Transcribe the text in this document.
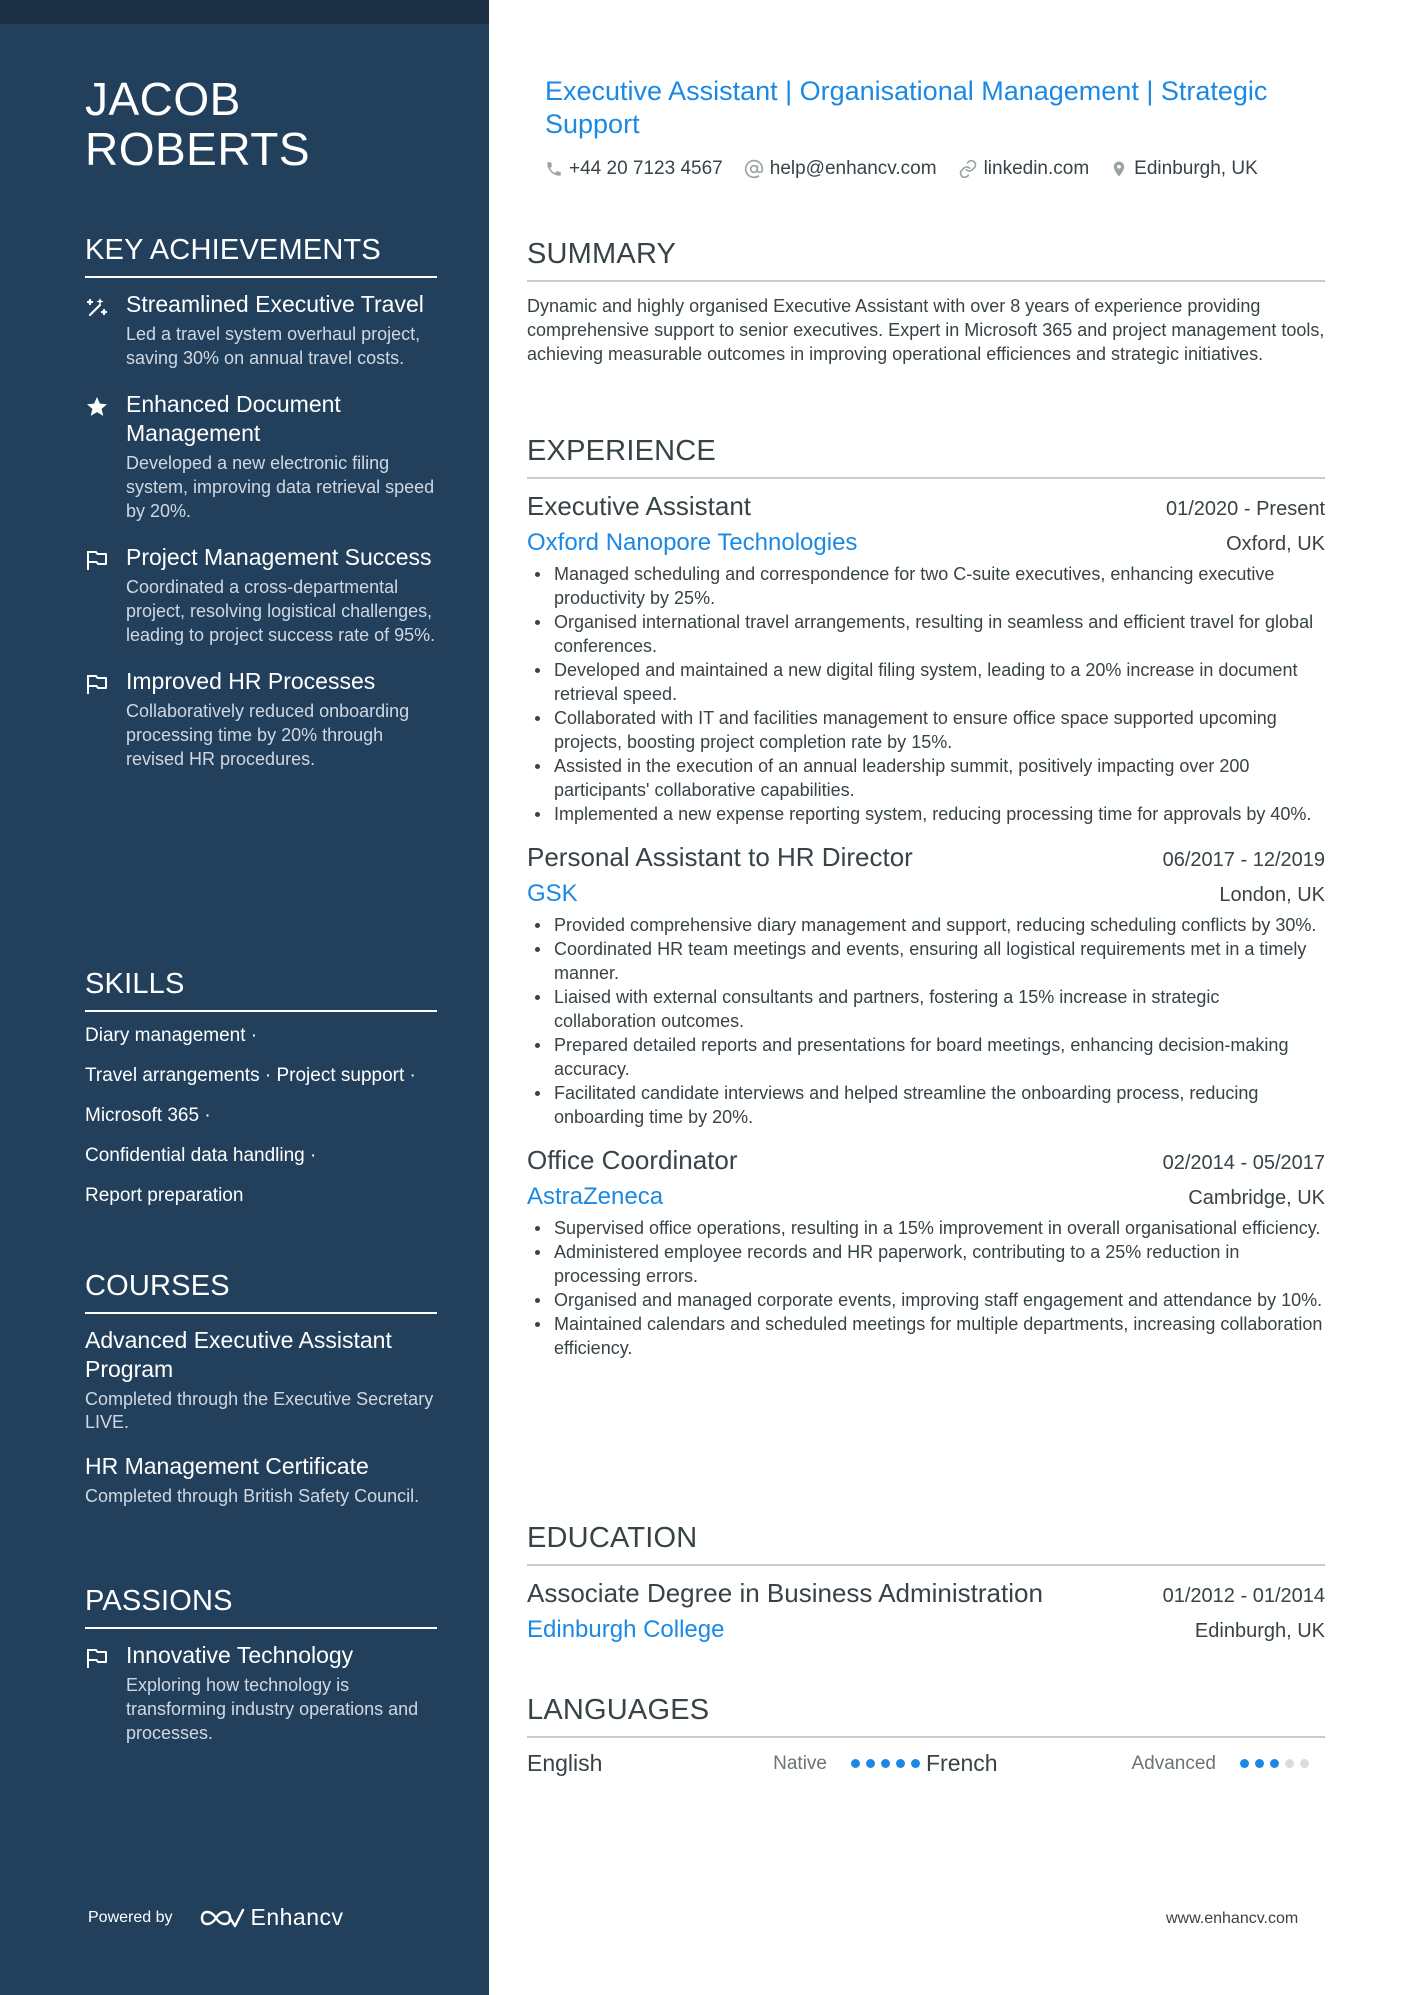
JACOB
ROBERTS
KEY ACHIEVEMENTS
Streamlined Executive Travel
Led a travel system overhaul project, saving 30% on annual travel costs.
Enhanced Document Management
Developed a new electronic filing system, improving data retrieval speed by 20%.
Project Management Success
Coordinated a cross-departmental project, resolving logistical challenges, leading to project success rate of 95%.
Improved HR Processes
Collaboratively reduced onboarding processing time by 20% through revised HR procedures.
SKILLS
Diary management ·
Travel arrangements · Project support ·
Microsoft 365 ·
Confidential data handling ·
Report preparation
COURSES
Advanced Executive Assistant Program
Completed through the Executive Secretary LIVE.
HR Management Certificate
Completed through British Safety Council.
PASSIONS
Innovative Technology
Exploring how technology is transforming industry operations and processes.
Powered by	Enhancv
Executive Assistant | Organisational Management | Strategic Support
+44 20 7123 4567 help@enhancv.com linkedin.com Edinburgh, UK
SUMMARY
Dynamic and highly organised Executive Assistant with over 8 years of experience providing comprehensive support to senior executives. Expert in Microsoft 365 and project management tools, achieving measurable outcomes in improving operational efficiences and strategic initiatives.
EXPERIENCE
Executive Assistant	01/2020 - Present
Oxford Nanopore Technologies	Oxford, UK
Managed scheduling and correspondence for two C-suite executives, enhancing executive productivity by 25%.
Organised international travel arrangements, resulting in seamless and efficient travel for global conferences.
Developed and maintained a new digital filing system, leading to a 20% increase in document retrieval speed.
Collaborated with IT and facilities management to ensure office space supported upcoming projects, boosting project completion rate by 15%.
Assisted in the execution of an annual leadership summit, positively impacting over 200 participants' collaborative capabilities.
Implemented a new expense reporting system, reducing processing time for approvals by 40%.
Personal Assistant to HR Director	06/2017 - 12/2019
GSK	London, UK
Provided comprehensive diary management and support, reducing scheduling conflicts by 30%.
Coordinated HR team meetings and events, ensuring all logistical requirements met in a timely manner.
Liaised with external consultants and partners, fostering a 15% increase in strategic collaboration outcomes.
Prepared detailed reports and presentations for board meetings, enhancing decision-making accuracy.
Facilitated candidate interviews and helped streamline the onboarding process, reducing onboarding time by 20%.
Office Coordinator	02/2014 - 05/2017
AstraZeneca	Cambridge, UK
Supervised office operations, resulting in a 15% improvement in overall organisational efficiency.
Administered employee records and HR paperwork, contributing to a 25% reduction in processing errors.
Organised and managed corporate events, improving staff engagement and attendance by 10%.
Maintained calendars and scheduled meetings for multiple departments, increasing collaboration efficiency.
EDUCATION
Associate Degree in Business Administration	01/2012 - 01/2014
Edinburgh College	Edinburgh, UK
LANGUAGES
English	Native	French	Advanced
www.enhancv.com
